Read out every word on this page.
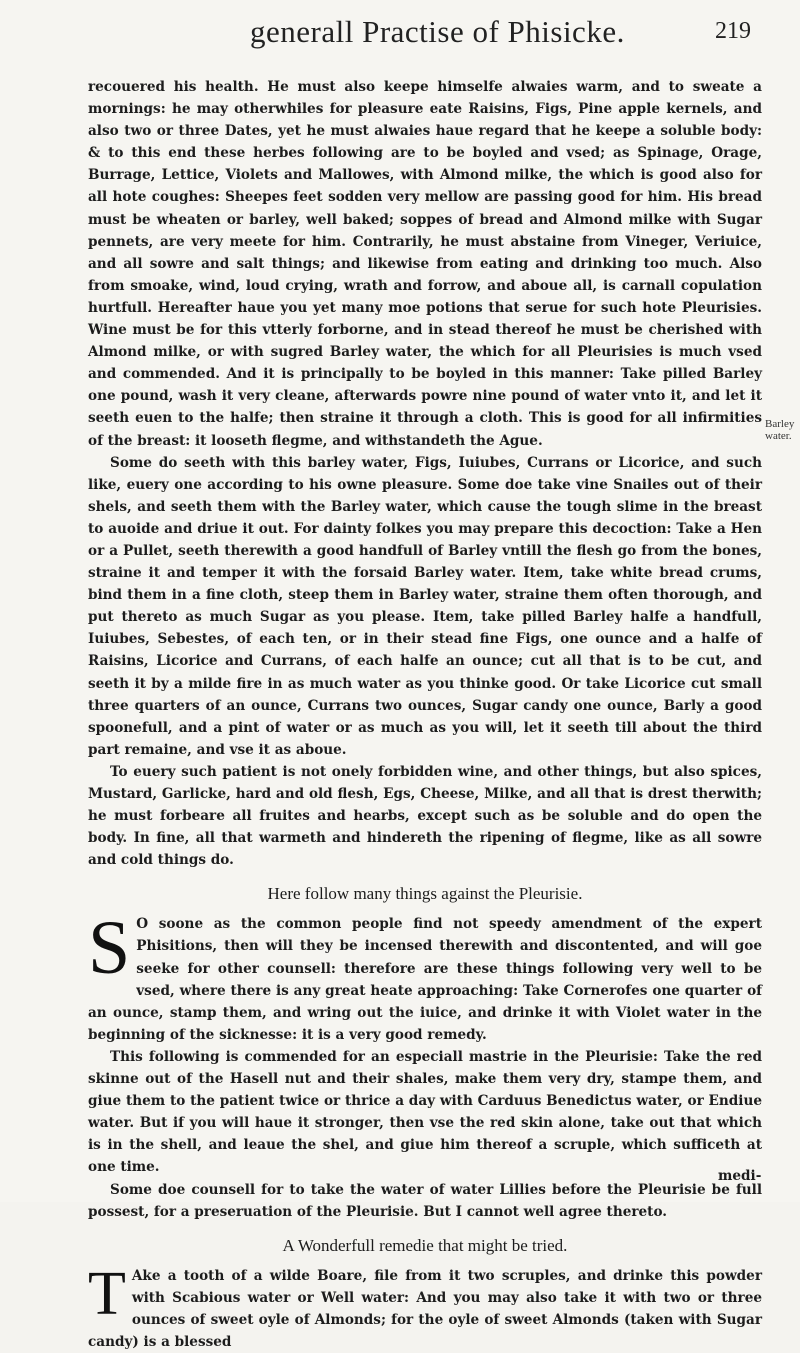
generall Practise of Phisicke.	219
Barley water.

recouered his health. He must also keepe himselfe alwaies warm, and to sweate a mornings: he may otherwhiles for pleasure eate Raisins, Figs, Pine apple kernels, and also two or three Dates, yet he must alwaies haue regard that he keepe a soluble body: & to this end these herbes following are to be boyled and vsed; as Spinage, Orage, Burrage, Lettice, Violets and Mallowes, with Almond milke, the which is good also for all hote coughes: Sheepes feet sodden very mellow are passing good for him. His bread must be wheaten or barley, well baked; soppes of bread and Almond milke with Sugar pennets, are very meete for him. Contrarily, he must abstaine from Vineger, Veriuice, and all sowre and salt things; and likewise from eating and drinking too much. Also from smoake, wind, loud crying, wrath and forrow, and aboue all, is carnall copulation hurtfull. Hereafter haue you yet many moe potions that serue for such hote Pleurisies. Wine must be for this vtterly forborne, and in stead thereof he must be cherished with Almond milke, or with sugred Barley water, the which for all Pleurisies is much vsed and commended. And it is principally to be boyled in this manner: Take pilled Barley one pound, wash it very cleane, afterwards powre nine pound of water vnto it, and let it seeth euen to the halfe; then straine it through a cloth. This is good for all infirmities of the breast: it looseth flegme, and withstandeth the Ague.

Some do seeth with this barley water, Figs, Iuiubes, Currans or Licorice, and such like, euery one according to his owne pleasure. Some doe take vine Snailes out of their shels, and seeth them with the Barley water, which cause the tough slime in the breast to auoide and driue it out. For dainty folkes you may prepare this decoction: Take a Hen or a Pullet, seeth therewith a good handfull of Barley vntill the flesh go from the bones, straine it and temper it with the forsaid Barley water. Item, take white bread crums, bind them in a fine cloth, steep them in Barley water, straine them often thorough, and put thereto as much Sugar as you please. Item, take pilled Barley halfe a handfull, Iuiubes, Sebestes, of each ten, or in their stead fine Figs, one ounce and a halfe of Raisins, Licorice and Currans, of each halfe an ounce; cut all that is to be cut, and seeth it by a milde fire in as much water as you thinke good. Or take Licorice cut small three quarters of an ounce, Currans two ounces, Sugar candy one ounce, Barly a good spoonefull, and a pint of water or as much as you will, let it seeth till about the third part remaine, and vse it as aboue.

To euery such patient is not onely forbidden wine, and other things, but also spices, Mustard, Garlicke, hard and old flesh, Egs, Cheese, Milke, and all that is drest therwith; he must forbeare all fruites and hearbs, except such as be soluble and do open the body. In fine, all that warmeth and hindereth the ripening of flegme, like as all sowre and cold things do.

Here follow many things against the Pleurisie.

S O soone as the common people find not speedy amendment of the expert Phisitions, then will they be incensed therewith and discontented, and will goe seeke for other counsell: therefore are these things following very well to be vsed, where there is any great heate approaching: Take Cornerofes one quarter of an ounce, stamp them, and wring out the iuice, and drinke it with Violet water in the beginning of the sicknesse: it is a very good remedy.

This following is commended for an especiall mastrie in the Pleurisie: Take the red skinne out of the Hasell nut and their shales, make them very dry, stampe them, and giue them to the patient twice or thrice a day with Carduus Benedictus water, or Endiue water. But if you will haue it stronger, then vse the red skin alone, take out that which is in the shell, and leaue the shel, and giue him thereof a scruple, which sufficeth at one time.

Some doe counsell for to take the water of water Lillies before the Pleurisie be full possest, for a preseruation of the Pleurisie. But I cannot well agree thereto.

A Wonderfull remedie that might be tried.

T Ake a tooth of a wilde Boare, file from it two scruples, and drinke this powder with Scabious water or Well water: And you may also take it with two or three ounces of sweet oyle of Almonds; for the oyle of sweet Almonds (taken with Sugar candy) is a blessed

medi-
